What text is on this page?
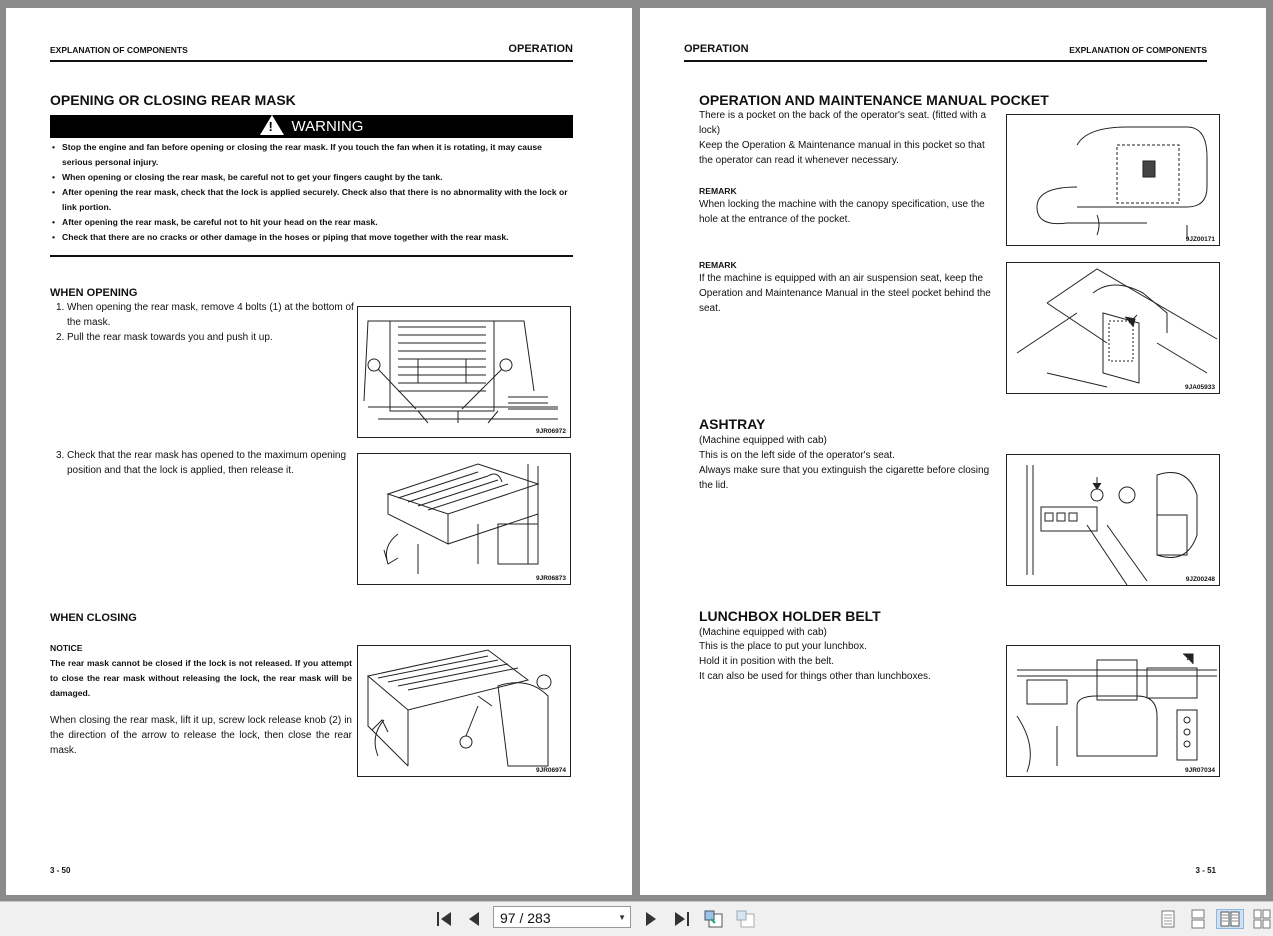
EXPLANATION OF COMPONENTS	OPERATION
OPENING OR CLOSING REAR MASK
! WARNING
• Stop the engine and fan before opening or closing the rear mask. If you touch the fan when it is rotating, it may cause serious personal injury.
• When opening or closing the rear mask, be careful not to get your fingers caught by the tank.
• After opening the rear mask, check that the lock is applied securely. Check also that there is no abnormality with the lock or link portion.
• After opening the rear mask, be careful not to hit your head on the rear mask.
• Check that there are no cracks or other damage in the hoses or piping that move together with the rear mask.
WHEN OPENING
1. When opening the rear mask, remove 4 bolts (1) at the bottom of the mask.
2. Pull the rear mask towards you and push it up.
9JR06972
3. Check that the rear mask has opened to the maximum opening position and that the lock is applied, then release it.
9JR06873
WHEN CLOSING
NOTICE
The rear mask cannot be closed if the lock is not released. If you attempt to close the rear mask without releasing the lock, the rear mask will be damaged.
When closing the rear mask, lift it up, screw lock release knob (2) in the direction of the arrow to release the lock, then close the rear mask.
9JR06974
3 - 50
OPERATION	EXPLANATION OF COMPONENTS
OPERATION AND MAINTENANCE MANUAL POCKET
There is a pocket on the back of the operator's seat. (fitted with a lock)
Keep the Operation & Maintenance manual in this pocket so that the operator can read it whenever necessary.
REMARK
When locking the machine with the canopy specification, use the hole at the entrance of the pocket.
9JZ00171
REMARK
If the machine is equipped with an air suspension seat, keep the Operation and Maintenance Manual in the steel pocket behind the seat.
9JA05933
ASHTRAY
(Machine equipped with cab)
This is on the left side of the operator's seat.
Always make sure that you extinguish the cigarette before closing the lid.
9JZ00248
LUNCHBOX HOLDER BELT
(Machine equipped with cab)
This is the place to put your lunchbox.
Hold it in position with the belt.
It can also be used for things other than lunchboxes.
9JR07034
3 - 51
97 / 283	▼
